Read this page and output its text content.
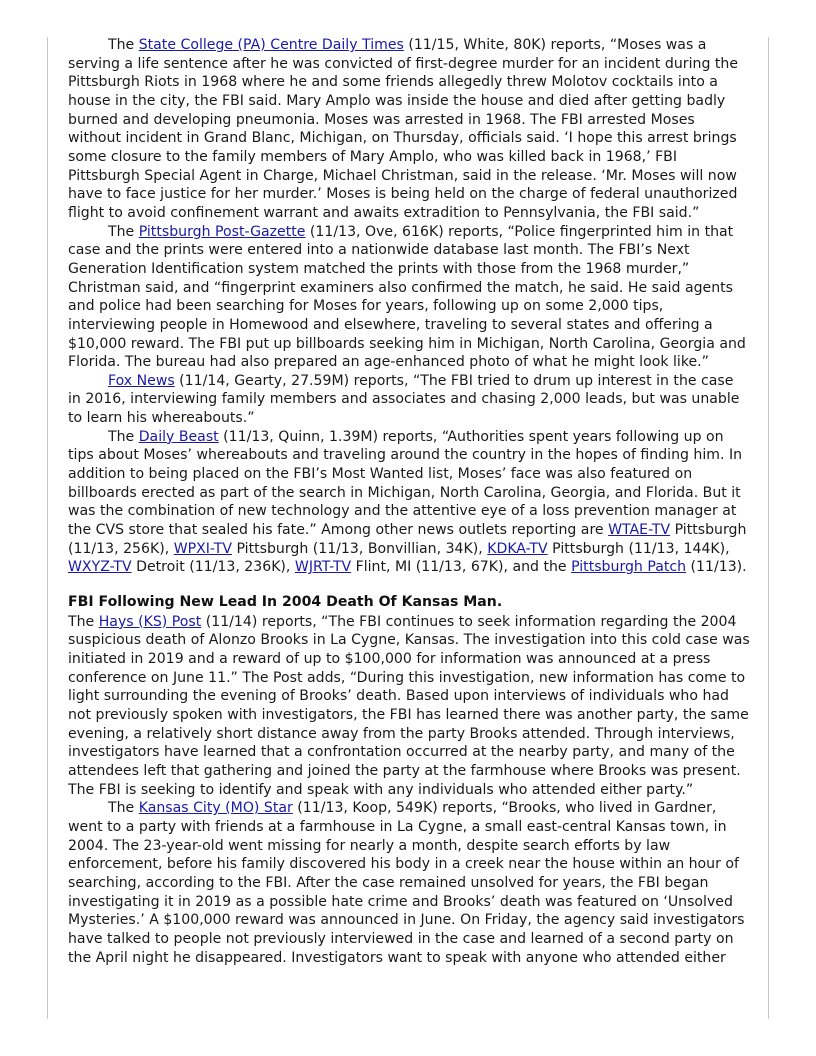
The State College (PA) Centre Daily Times (11/15, White, 80K) reports, “Moses was a serving a life sentence after he was convicted of first-degree murder for an incident during the Pittsburgh Riots in 1968 where he and some friends allegedly threw Molotov cocktails into a house in the city, the FBI said. Mary Amplo was inside the house and died after getting badly burned and developing pneumonia. Moses was arrested in 1968. The FBI arrested Moses without incident in Grand Blanc, Michigan, on Thursday, officials said. ‘I hope this arrest brings some closure to the family members of Mary Amplo, who was killed back in 1968,’ FBI Pittsburgh Special Agent in Charge, Michael Christman, said in the release. ‘Mr. Moses will now have to face justice for her murder.’ Moses is being held on the charge of federal unauthorized flight to avoid confinement warrant and awaits extradition to Pennsylvania, the FBI said.”

The Pittsburgh Post-Gazette (11/13, Ove, 616K) reports, “Police fingerprinted him in that case and the prints were entered into a nationwide database last month. The FBI’s Next Generation Identification system matched the prints with those from the 1968 murder,” Christman said, and “fingerprint examiners also confirmed the match, he said. He said agents and police had been searching for Moses for years, following up on some 2,000 tips, interviewing people in Homewood and elsewhere, traveling to several states and offering a $10,000 reward. The FBI put up billboards seeking him in Michigan, North Carolina, Georgia and Florida. The bureau had also prepared an age-enhanced photo of what he might look like.”

Fox News (11/14, Gearty, 27.59M) reports, “The FBI tried to drum up interest in the case in 2016, interviewing family members and associates and chasing 2,000 leads, but was unable to learn his whereabouts.”

The Daily Beast (11/13, Quinn, 1.39M) reports, “Authorities spent years following up on tips about Moses’ whereabouts and traveling around the country in the hopes of finding him. In addition to being placed on the FBI’s Most Wanted list, Moses’ face was also featured on billboards erected as part of the search in Michigan, North Carolina, Georgia, and Florida. But it was the combination of new technology and the attentive eye of a loss prevention manager at the CVS store that sealed his fate.” Among other news outlets reporting are WTAE-TV Pittsburgh (11/13, 256K), WPXI-TV Pittsburgh (11/13, Bonvillian, 34K), KDKA-TV Pittsburgh (11/13, 144K), WXYZ-TV Detroit (11/13, 236K), WJRT-TV Flint, MI (11/13, 67K), and the Pittsburgh Patch (11/13).

FBI Following New Lead In 2004 Death Of Kansas Man.

The Hays (KS) Post (11/14) reports, “The FBI continues to seek information regarding the 2004 suspicious death of Alonzo Brooks in La Cygne, Kansas. The investigation into this cold case was initiated in 2019 and a reward of up to $100,000 for information was announced at a press conference on June 11.” The Post adds, “During this investigation, new information has come to light surrounding the evening of Brooks’ death. Based upon interviews of individuals who had not previously spoken with investigators, the FBI has learned there was another party, the same evening, a relatively short distance away from the party Brooks attended. Through interviews, investigators have learned that a confrontation occurred at the nearby party, and many of the attendees left that gathering and joined the party at the farmhouse where Brooks was present. The FBI is seeking to identify and speak with any individuals who attended either party.”

The Kansas City (MO) Star (11/13, Koop, 549K) reports, “Brooks, who lived in Gardner, went to a party with friends at a farmhouse in La Cygne, a small east-central Kansas town, in 2004. The 23-year-old went missing for nearly a month, despite search efforts by law enforcement, before his family discovered his body in a creek near the house within an hour of searching, according to the FBI. After the case remained unsolved for years, the FBI began investigating it in 2019 as a possible hate crime and Brooks’ death was featured on ‘Unsolved Mysteries.’ A $100,000 reward was announced in June. On Friday, the agency said investigators have talked to people not previously interviewed in the case and learned of a second party on the April night he disappeared. Investigators want to speak with anyone who attended either
